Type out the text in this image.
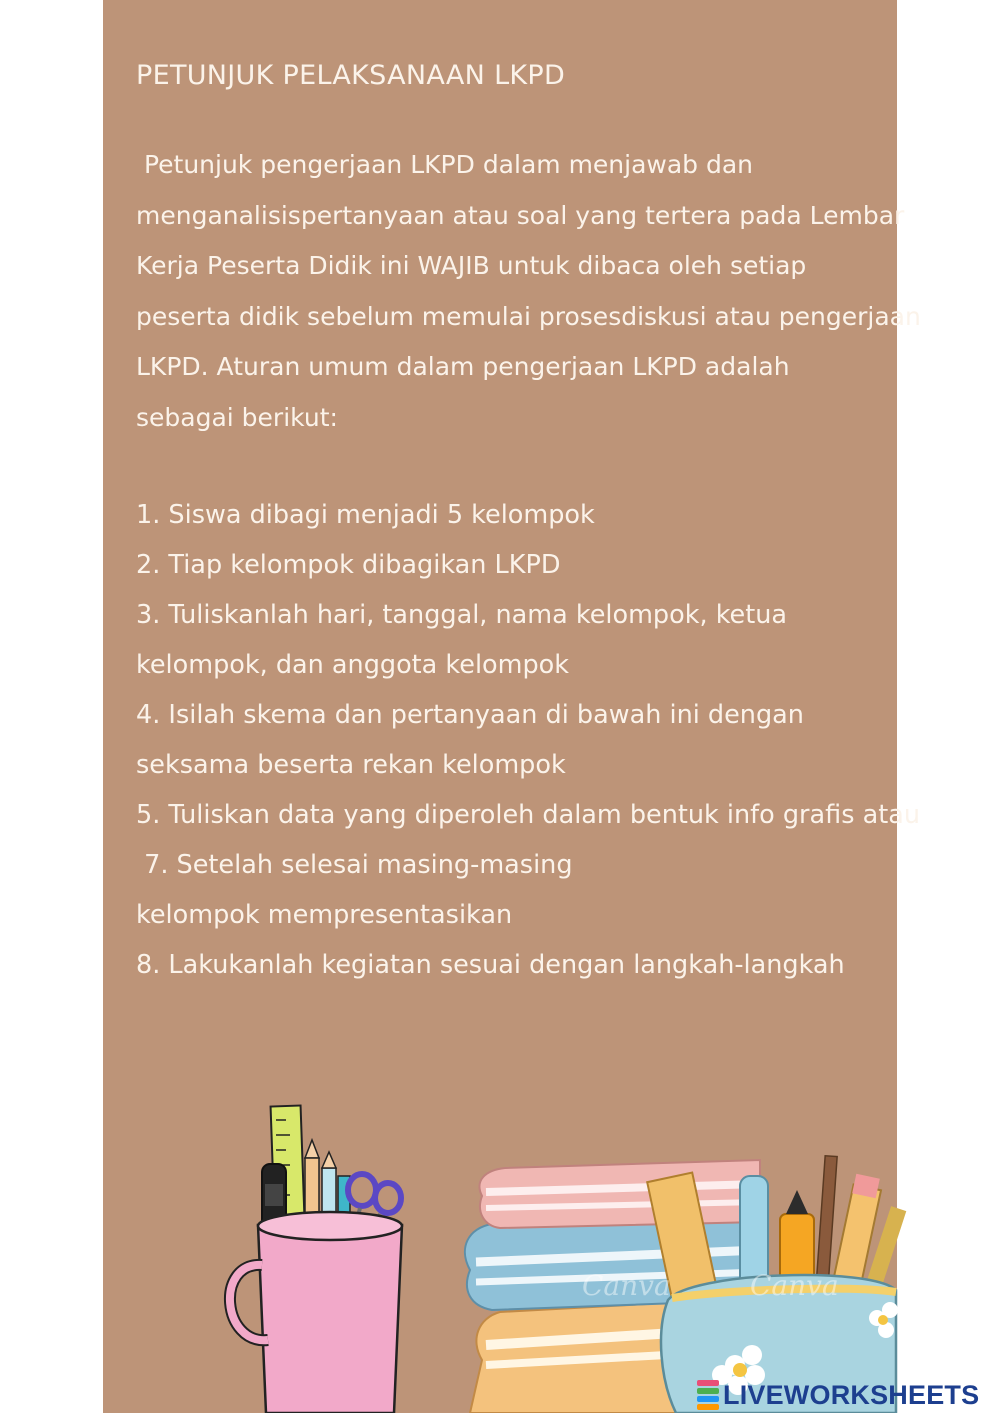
PETUNJUK PELAKSANAAN LKPD
Petunjuk pengerjaan LKPD dalam menjawab dan
menganalisispertanyaan atau soal yang tertera pada Lembar
Kerja Peserta Didik ini WAJIB untuk dibaca oleh setiap
peserta didik sebelum memulai prosesdiskusi atau pengerjaan
LKPD. Aturan umum dalam pengerjaan LKPD adalah
sebagai berikut:
1. Siswa dibagi menjadi 5 kelompok
2. Tiap kelompok dibagikan LKPD
3. Tuliskanlah hari, tanggal, nama kelompok, ketua kelompok, dan anggota kelompok
4. Isilah skema dan pertanyaan di bawah ini dengan seksama beserta rekan kelompok
5. Tuliskan data yang diperoleh dalam bentuk info grafis atau
7. Setelah selesai masing-masing kelompok mempresentasikan
8. Lakukanlah kegiatan sesuai dengan langkah-langkah
Canva	Canva
LIVEWORKSHEETS
